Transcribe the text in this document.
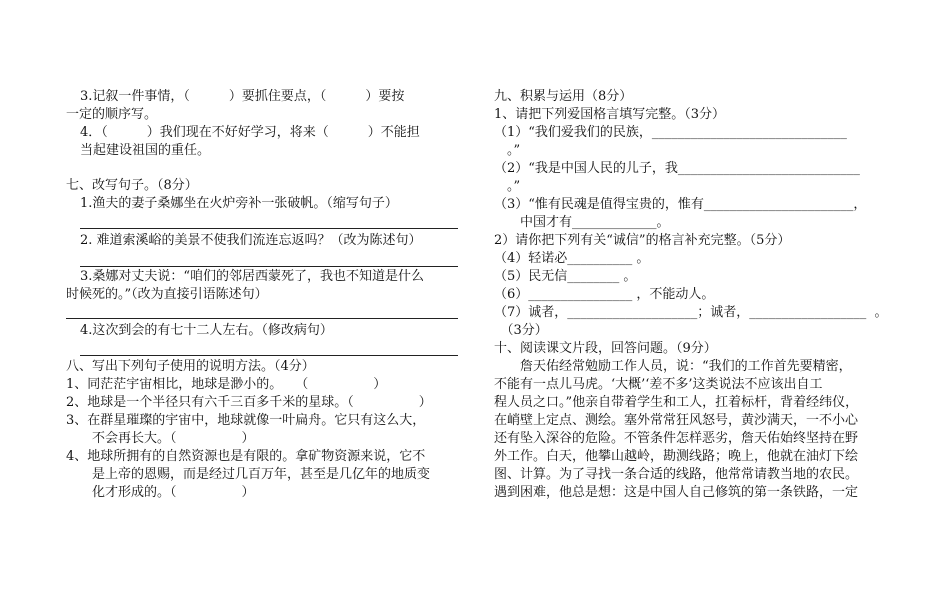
3.记叙一件事情，（　　　）要抓住要点，（　　　）要按
一定的顺序写。
4．（　　　）我们现在不好好学习，将来（　　　）不能担
当起建设祖国的重任。
七、改写句子。（8分）
1.渔夫的妻子桑娜坐在火炉旁补一张破帆。（缩写句子）
2. 难道索溪峪的美景不使我们流连忘返吗？（改为陈述句）
3.桑娜对丈夫说：“咱们的邻居西蒙死了，我也不知道是什么
时候死的。”（改为直接引语陈述句）
4.这次到会的有七十二人左右。（修改病句）
八、写出下列句子使用的说明方法。（4分）
1、同茫茫宇宙相比，地球是渺小的。　　（　　　　　）
2、地球是一个半径只有六千三百多千米的星球。（　　　　　）
3、在群星璀璨的宇宙中，地球就像一叶扁舟。它只有这么大，
　　不会再长大。（　　　　　）
4、地球所拥有的自然资源也是有限的。拿矿物资源来说，它不
　　是上帝的恩赐，而是经过几百万年，甚至是几亿年的地质变
　　化才形成的。（　　　　　）
九、积累与运用（8分）
1、请把下列爱国格言填写完整。（3分）
（1）“我们爱我们的民族，______________________________
　。”
（2）“我是中国人民的儿子，我____________________________
　。”
（3）“惟有民魂是值得宝贵的，惟有_______________________，
　　中国才有_____________。
2）请你把下列有关“诚信”的格言补充完整。（5分）
（4）轻诺必__________ 。
（5）民无信________ 。
（6）________________ ，不能动人。
（7）诚者，____________________；诚者，__________________  。
　（3分）
十、阅读课文片段，回答问题。（9分）
　　詹天佑经常勉励工作人员，说：“我们的工作首先要精密，
不能有一点儿马虎。‘大概’‘差不多’这类说法不应该出自工
程人员之口。”他亲自带着学生和工人，扛着标杆，背着经纬仪，
在峭壁上定点、测绘。塞外常常狂风怒号，黄沙满天，一不小心
还有坠入深谷的危险。不管条件怎样恶劣，詹天佑始终坚持在野
外工作。白天，他攀山越岭，勘测线路；晚上，他就在油灯下绘
图、计算。为了寻找一条合适的线路，他常常请教当地的农民。
遇到困难，他总是想：这是中国人自己修筑的第一条铁路，一定
